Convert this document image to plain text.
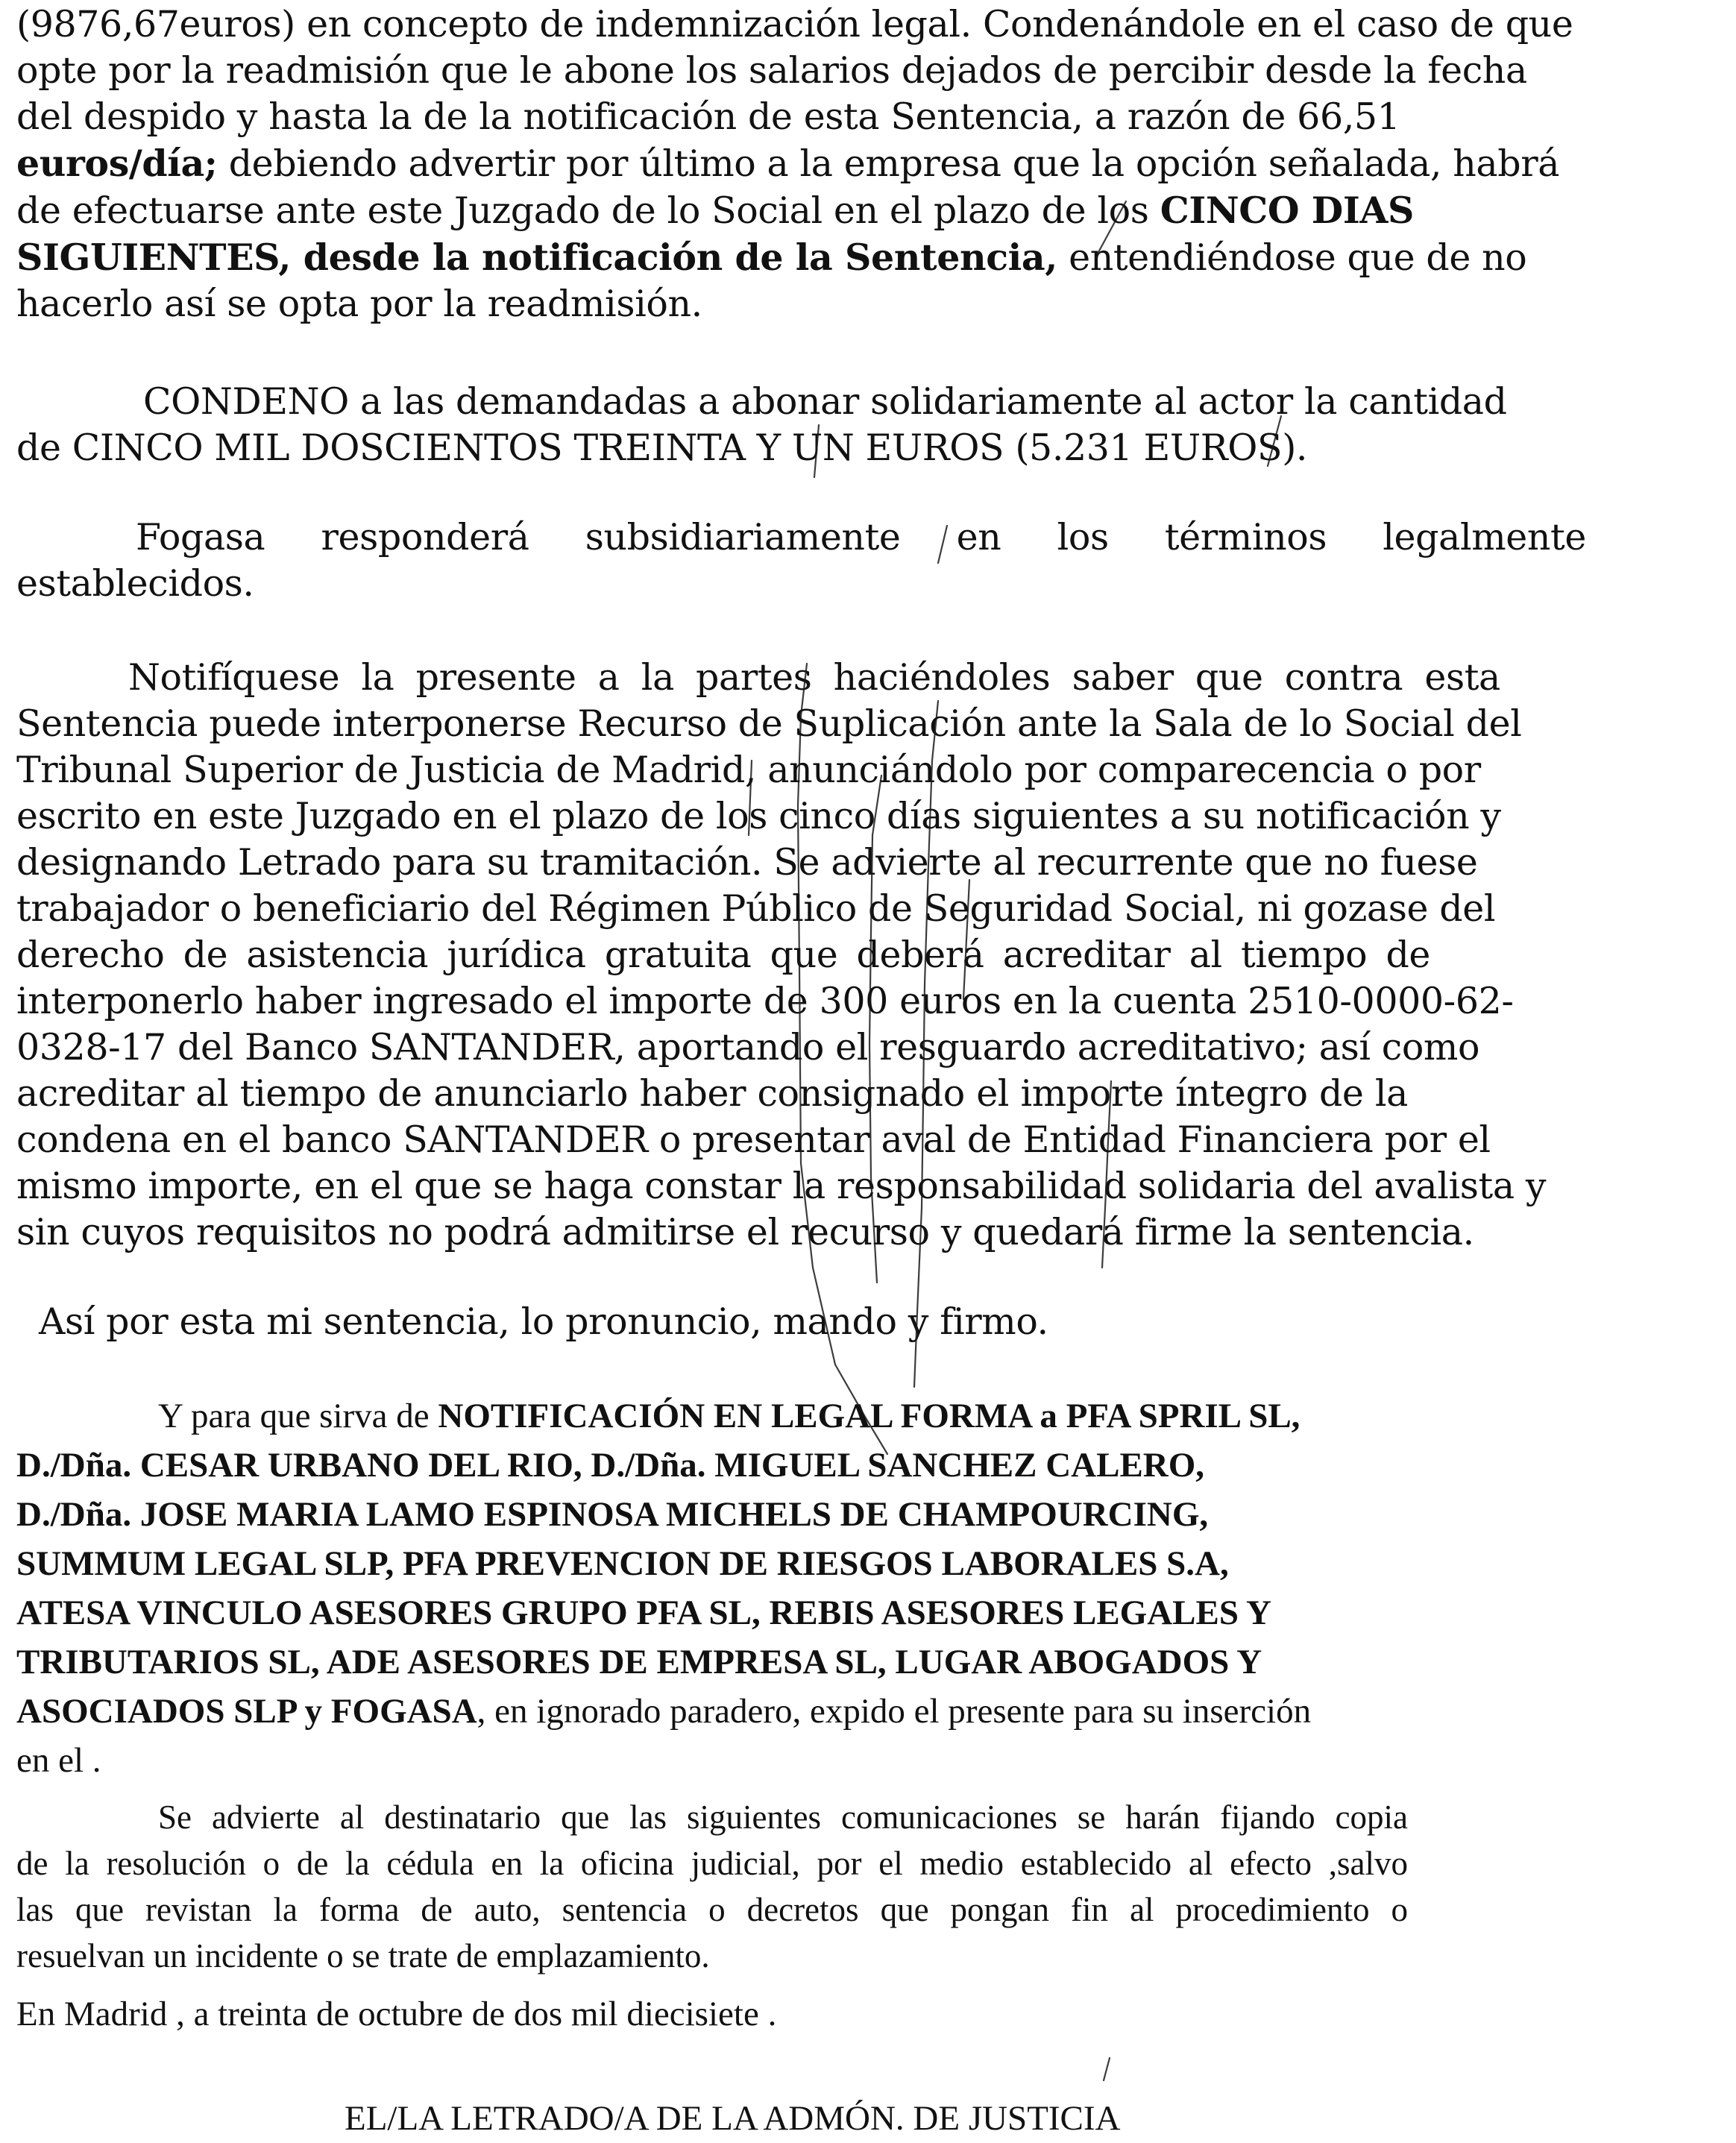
(9876,67euros) en concepto de indemnización legal. Condenándole en el caso de que
opte por la readmisión que le abone los salarios dejados de percibir desde la fecha
del despido y hasta la de la notificación de esta Sentencia, a razón de 66,51
euros/día; debiendo advertir por último a la empresa que la opción señalada, habrá
de efectuarse ante este Juzgado de lo Social en el plazo de los CINCO DIAS
SIGUIENTES, desde la notificación de la Sentencia, entendiéndose que de no
hacerlo así se opta por la readmisión.
CONDENO a las demandadas a abonar solidariamente al actor la cantidad
de CINCO MIL DOSCIENTOS TREINTA Y UN EUROS (5.231 EUROS).
Fogasa responderá subsidiariamente en los términos legalmente
establecidos.
Notifíquese la presente a la partes haciéndoles saber que contra esta
Sentencia puede interponerse Recurso de Suplicación ante la Sala de lo Social del
Tribunal Superior de Justicia de Madrid, anunciándolo por comparecencia o por
escrito en este Juzgado en el plazo de los cinco días siguientes a su notificación y
designando Letrado para su tramitación. Se advierte al recurrente que no fuese
trabajador o beneficiario del Régimen Público de Seguridad Social, ni gozase del
derecho de asistencia jurídica gratuita que deberá acreditar al tiempo de
interponerlo haber ingresado el importe de 300 euros en la cuenta 2510-0000-62-
0328-17 del Banco SANTANDER, aportando el resguardo acreditativo; así como
acreditar al tiempo de anunciarlo haber consignado el importe íntegro de la
condena en el banco SANTANDER o presentar aval de Entidad Financiera por el
mismo importe, en el que se haga constar la responsabilidad solidaria del avalista y
sin cuyos requisitos no podrá admitirse el recurso y quedará firme la sentencia.
Así por esta mi sentencia, lo pronuncio, mando y firmo.
Y para que sirva de NOTIFICACIÓN EN LEGAL FORMA a PFA SPRIL SL,
D./Dña. CESAR URBANO DEL RIO, D./Dña. MIGUEL SANCHEZ CALERO,
D./Dña. JOSE MARIA LAMO ESPINOSA MICHELS DE CHAMPOURCING,
SUMMUM LEGAL SLP, PFA PREVENCION DE RIESGOS LABORALES S.A,
ATESA VINCULO ASESORES GRUPO PFA SL, REBIS ASESORES LEGALES Y
TRIBUTARIOS SL, ADE ASESORES DE EMPRESA SL, LUGAR ABOGADOS Y
ASOCIADOS SLP y FOGASA, en ignorado paradero, expido el presente para su inserción
en el .
Se advierte al destinatario que las siguientes comunicaciones se harán fijando copia
de la resolución o de la cédula en la oficina judicial, por el medio establecido al efecto ,salvo
las que revistan la forma de auto, sentencia o decretos que pongan fin al procedimiento o
resuelvan un incidente o se trate de emplazamiento.
En Madrid , a treinta de octubre de dos mil diecisiete .
EL/LA LETRADO/A DE LA ADMÓN. DE JUSTICIA
